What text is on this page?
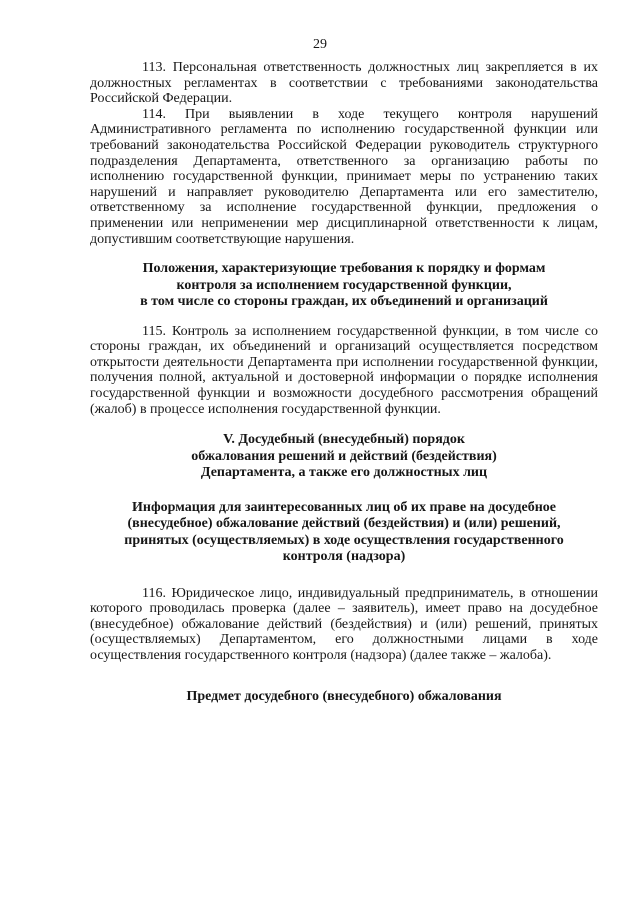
29

113. Персональная ответственность должностных лиц закрепляется в их должностных регламентах в соответствии с требованиями законодательства Российской Федерации.

114. При выявлении в ходе текущего контроля нарушений Административного регламента по исполнению государственной функции или требований законодательства Российской Федерации руководитель структурного подразделения Департамента, ответственного за организацию работы по исполнению государственной функции, принимает меры по устранению таких нарушений и направляет руководителю Департамента или его заместителю, ответственному за исполнение государственной функции, предложения о применении или неприменении мер дисциплинарной ответственности к лицам, допустившим соответствующие нарушения.

Положения, характеризующие требования к порядку и формам
контроля за исполнением государственной функции,
в том числе со стороны граждан, их объединений и организаций

115. Контроль за исполнением государственной функции, в том числе со стороны граждан, их объединений и организаций осуществляется посредством открытости деятельности Департамента при исполнении государственной функции, получения полной, актуальной и достоверной информации о порядке исполнения государственной функции и возможности досудебного рассмотрения обращений (жалоб) в процессе исполнения государственной функции.

V. Досудебный (внесудебный) порядок
обжалования решений и действий (бездействия)
Департамента, а также его должностных лиц
Информация для заинтересованных лиц об их праве на досудебное
(внесудебное) обжалование действий (бездействия) и (или) решений,
принятых (осуществляемых) в ходе осуществления государственного
контроля (надзора)

116. Юридическое лицо, индивидуальный предприниматель, в отношении которого проводилась проверка (далее – заявитель), имеет право на досудебное (внесудебное) обжалование действий (бездействия) и (или) решений, принятых (осуществляемых) Департаментом, его должностными лицами в ходе осуществления государственного контроля (надзора) (далее также – жалоба).

Предмет досудебного (внесудебного) обжалования
